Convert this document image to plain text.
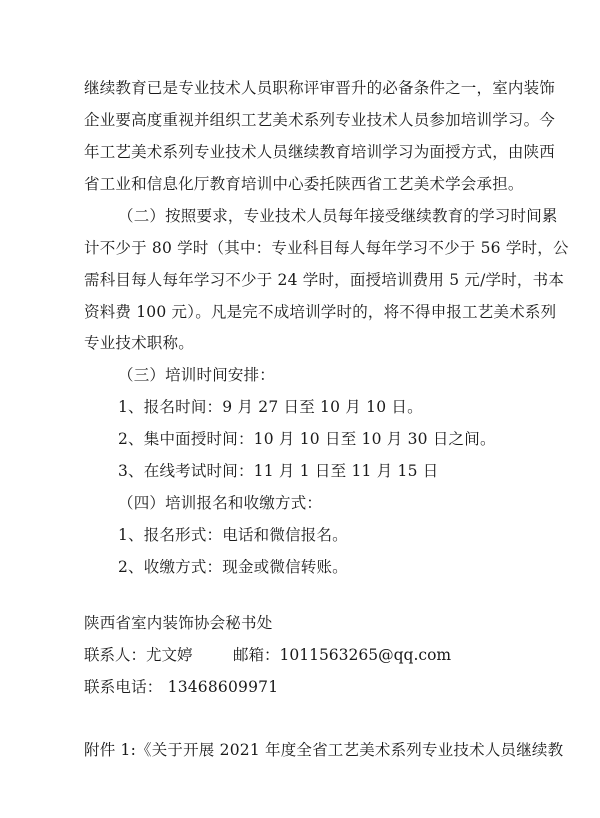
继续教育已是专业技术人员职称评审晋升的必备条件之一，室内装饰
企业要高度重视并组织工艺美术系列专业技术人员参加培训学习。今
年工艺美术系列专业技术人员继续教育培训学习为面授方式，由陕西
省工业和信息化厅教育培训中心委托陕西省工艺美术学会承担。
（二）按照要求，专业技术人员每年接受继续教育的学习时间累
计不少于 80 学时（其中：专业科目每人每年学习不少于 56 学时，公
需科目每人每年学习不少于 24 学时，面授培训费用 5 元/学时，书本
资料费 100 元）。凡是完不成培训学时的，将不得申报工艺美术系列
专业技术职称。
（三）培训时间安排：
1、报名时间：9 月 27 日至 10 月 10 日。
2、集中面授时间：10 月 10 日至 10 月 30 日之间。
3、在线考试时间：11 月 1 日至 11 月 15 日
（四）培训报名和收缴方式：
1、报名形式：电话和微信报名。
2、收缴方式：现金或微信转账。
陕西省室内装饰协会秘书处
联系人：尤文婷	邮箱：1011563265@qq.com
联系电话： 13468609971
附件 1:《关于开展 2021 年度全省工艺美术系列专业技术人员继续教
